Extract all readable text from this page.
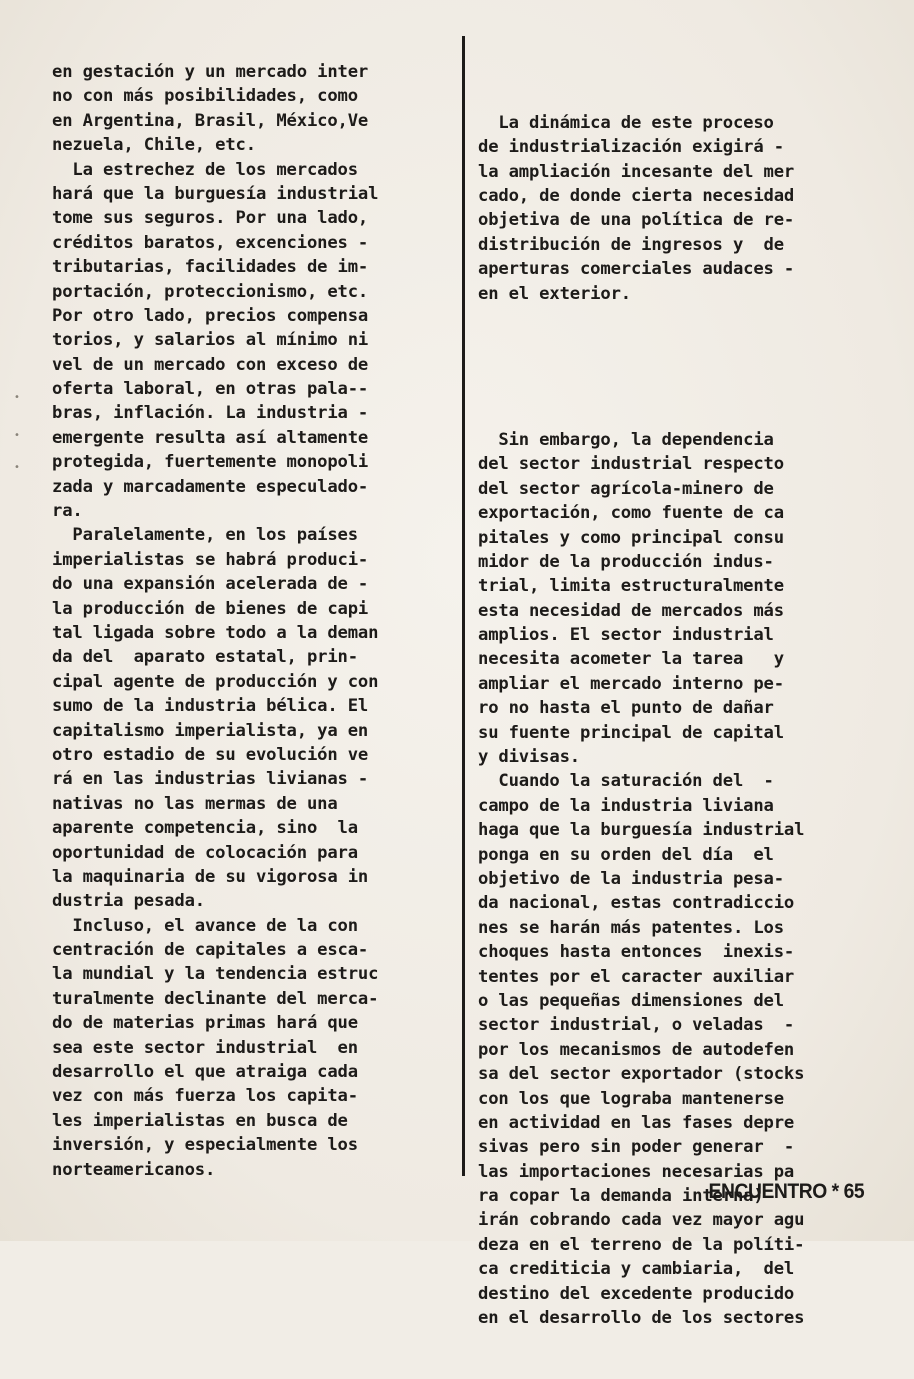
en gestación y un mercado inter
no con más posibilidades, como
en Argentina, Brasil, México,Ve
nezuela, Chile, etc.
La estrechez de los mercados
hará que la burguesía industrial
tome sus seguros. Por una lado,
créditos baratos, excenciones -
tributarias, facilidades de im-
portación, proteccionismo, etc.
Por otro lado, precios compensa
torios, y salarios al mínimo ni
vel de un mercado con exceso de
oferta laboral, en otras pala--
bras, inflación. La industria -
emergente resulta así altamente
protegida, fuertemente monopoli
zada y marcadamente especulado-
ra.
Paralelamente, en los países
imperialistas se habrá produci-
do una expansión acelerada de -
la producción de bienes de capi
tal ligada sobre todo a la deman
da del  aparato estatal, prin-
cipal agente de producción y con
sumo de la industria bélica. El
capitalismo imperialista, ya en
otro estadio de su evolución ve
rá en las industrias livianas -
nativas no las mermas de una
aparente competencia, sino  la
oportunidad de colocación para
la maquinaria de su vigorosa in
dustria pesada.
Incluso, el avance de la con
centración de capitales a esca-
la mundial y la tendencia estruc
turalmente declinante del merca-
do de materias primas hará que
sea este sector industrial  en
desarrollo el que atraiga cada
vez con más fuerza los capita-
les imperialistas en busca de
inversión, y especialmente los
norteamericanos.

La dinámica de este proceso
de industrialización exigirá -
la ampliación incesante del mer
cado, de donde cierta necesidad
objetiva de una política de re-
distribución de ingresos y  de
aperturas comerciales audaces -
en el exterior.

Sin embargo, la dependencia
del sector industrial respecto
del sector agrícola-minero de
exportación, como fuente de ca
pitales y como principal consu
midor de la producción indus-
trial, limita estructuralmente
esta necesidad de mercados más
amplios. El sector industrial
necesita acometer la tarea   y
ampliar el mercado interno pe-
ro no hasta el punto de dañar
su fuente principal de capital
y divisas.
Cuando la saturación del  -
campo de la industria liviana
haga que la burguesía industrial
ponga en su orden del día  el
objetivo de la industria pesa-
da nacional, estas contradiccio
nes se harán más patentes. Los
choques hasta entonces  inexis-
tentes por el caracter auxiliar
o las pequeñas dimensiones del
sector industrial, o veladas  -
por los mecanismos de autodefen
sa del sector exportador (stocks
con los que lograba mantenerse
en actividad en las fases depre
sivas pero sin poder generar  -
las importaciones necesarias pa
ra copar la demanda interna)
irán cobrando cada vez mayor agu
deza en el terreno de la políti-
ca crediticia y cambiaria,  del
destino del excedente producido
en el desarrollo de los sectores

•
•
•
ENCUENTRO * 65
